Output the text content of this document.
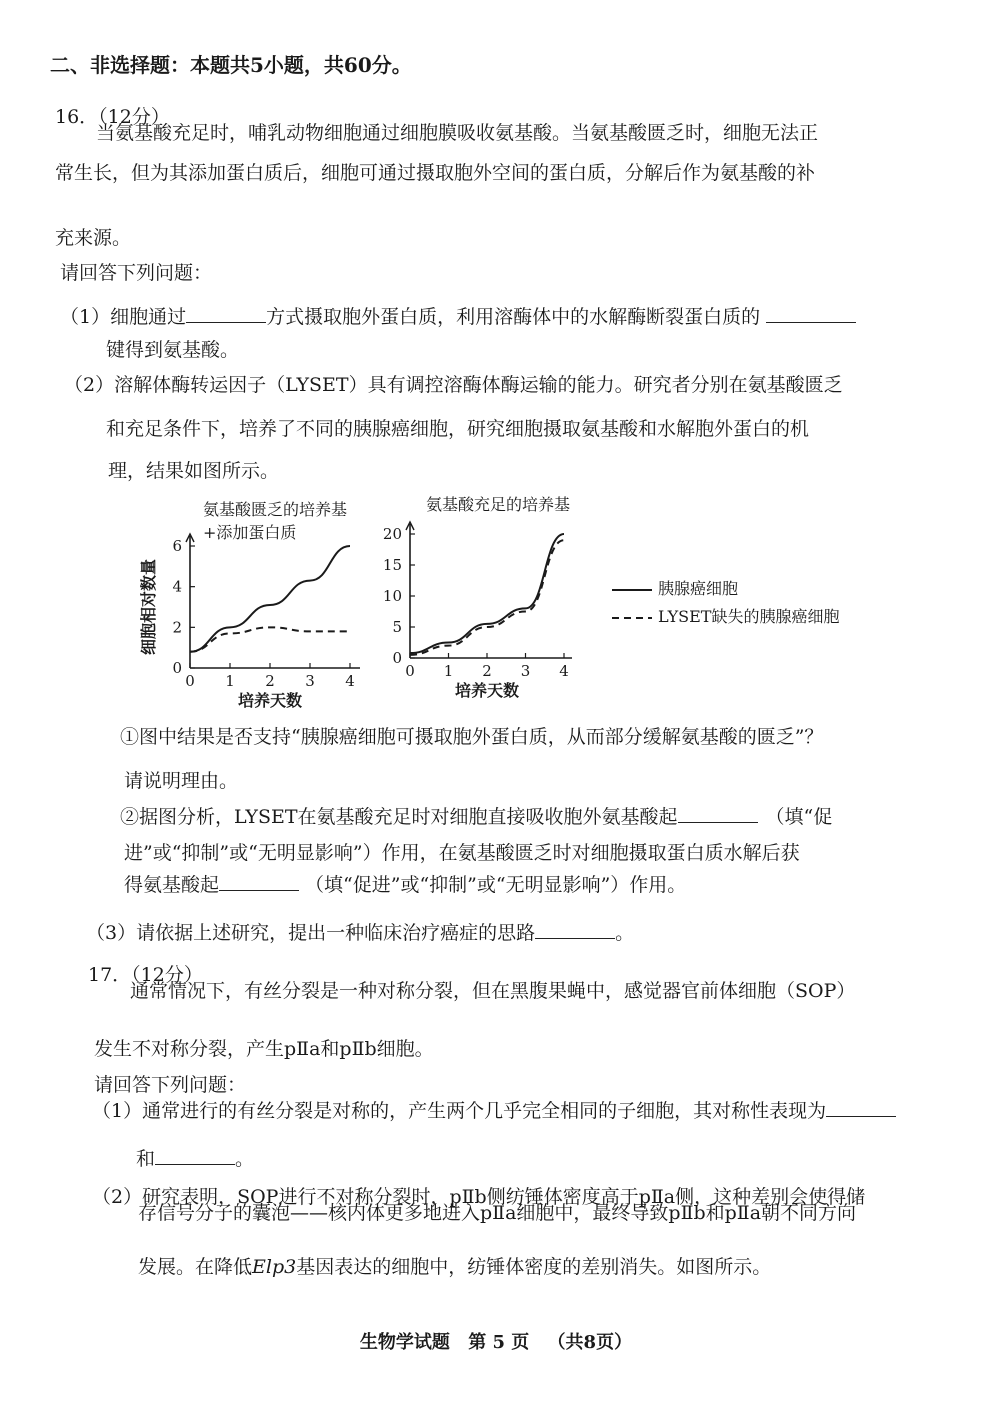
二、非选择题：本题共5小题，共60分。
16．（12分）
当氨基酸充足时，哺乳动物细胞通过细胞膜吸收氨基酸。当氨基酸匮乏时，细胞无法正
常生长，但为其添加蛋白质后，细胞可通过摄取胞外空间的蛋白质，分解后作为氨基酸的补
充来源。
请回答下列问题：
（1）细胞通过	方式摄取胞外蛋白质，利用溶酶体中的水解酶断裂蛋白质的
键得到氨基酸。
（2）溶解体酶转运因子（LYSET）具有调控溶酶体酶运输的能力。研究者分别在氨基酸匮乏
和充足条件下，培养了不同的胰腺癌细胞，研究细胞摄取氨基酸和水解胞外蛋白的机
理，结果如图所示。
氨基酸匮乏的培养基
+添加蛋白质
0
2
4
6
0 1 2 3 4
培养天数
细胞相对数量
氨基酸充足的培养基
0
5
10
15
20
0 1 2 3 4
培养天数
胰腺癌细胞
LYSET缺失的胰腺癌细胞
①图中结果是否支持“胰腺癌细胞可摄取胞外蛋白质，从而部分缓解氨基酸的匮乏”？
请说明理由。
②据图分析，LYSET在氨基酸充足时对细胞直接吸收胞外氨基酸起	（填“促
进”或“抑制”或“无明显影响”）作用，在氨基酸匮乏时对细胞摄取蛋白质水解后获
得氨基酸起	（填“促进”或“抑制”或“无明显影响”）作用。
（3）请依据上述研究，提出一种临床治疗癌症的思路	。
17．（12分）
通常情况下，有丝分裂是一种对称分裂，但在黑腹果蝇中，感觉器官前体细胞（SOP）
发生不对称分裂，产生pⅡa和pⅡb细胞。
请回答下列问题：
（1）通常进行的有丝分裂是对称的，产生两个几乎完全相同的子细胞，其对称性表现为
和	。
（2）研究表明，SOP进行不对称分裂时，pⅡb侧纺锤体密度高于pⅡa侧，这种差别会使得储
存信号分子的囊泡——核内体更多地进入pⅡa细胞中，最终导致pⅡb和pⅡa朝不同方向
发展。在降低Elp3基因表达的细胞中，纺锤体密度的差别消失。如图所示。
生物学试题 第 5 页 （共8页）
